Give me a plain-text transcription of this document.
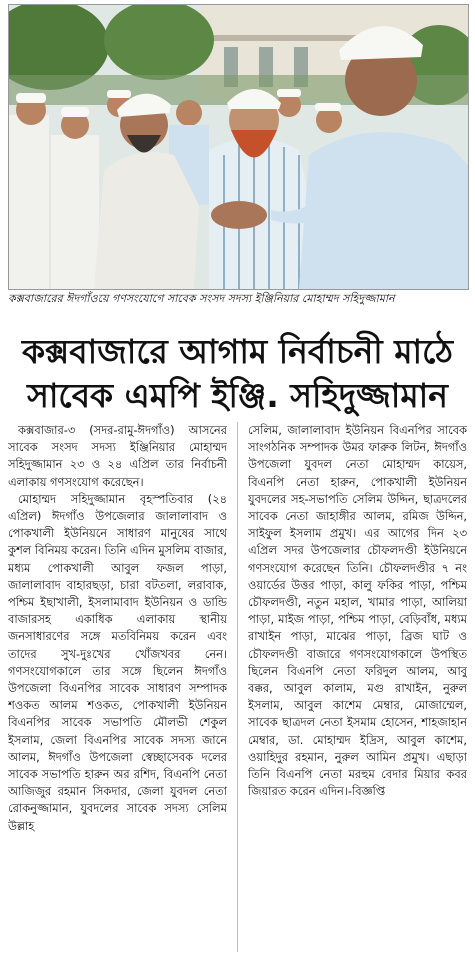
কক্সবাজারের ঈদগাঁওয়ে গণসংযোগে সাবেক সংসদ সদস্য ইঞ্জিনিয়ার মোহাম্মদ সহিদুজ্জামান
কক্সবাজারে আগাম নির্বাচনী মাঠে
সাবেক এমপি ইঞ্জি. সহিদুজ্জামান

কক্সবাজার-৩ (সদর-রামু-ঈদগাঁও) আসনের সাবেক সংসদ সদস্য ইঞ্জিনিয়ার মোহাম্মদ সহিদুজ্জামান ২৩ ও ২৪ এপ্রিল তার নির্বাচনী এলাকায় গণসংযোগ করেছেন।

মোহাম্মদ সহিদুজ্জামান বৃহস্পতিবার (২৪ এপ্রিল) ঈদগাঁও উপজেলার জালালাবাদ ও পোকখালী ইউনিয়নে সাধারণ মানুষের সাথে কুশল বিনিময় করেন। তিনি এদিন মুসলিম বাজার, মধ্যম পোকখালী আবুল ফজল পাড়া, জালালাবাদ বাহারছড়া, চারা বটতলা, লরাবাক, পশ্চিম ইছাখালী, ইসলামাবাদ ইউনিয়ন ও ডান্ডি বাজারসহ একাধিক এলাকায় স্থানীয় জনসাধারণের সঙ্গে মতবিনিময় করেন এবং তাদের সুখ-দুঃখের খোঁজখবর নেন। গণসংযোগকালে তার সঙ্গে ছিলেন ঈদগাঁও উপজেলা বিএনপির সাবেক সাধারণ সম্পাদক শওকত আলম শওকত, পোকখালী ইউনিয়ন বিএনপির সাবেক সভাপতি মৌলভী শেকুল ইসলাম, জেলা বিএনপির সাবেক সদস্য জানে আলম, ঈদগাঁও উপজেলা স্বেচ্ছাসেবক দলের সাবেক সভাপতি হারুন অর রশিদ, বিএনপি নেতা আজিজুর রহমান সিকদার, জেলা যুবদল নেতা রোকনুজ্জামান, যুবদলের সাবেক সদস্য সেলিম উল্লাহ

সেলিম, জালালাবাদ ইউনিয়ন বিএনপির সাবেক সাংগঠনিক সম্পাদক উমর ফারুক লিটন, ঈদগাঁও উপজেলা যুবদল নেতা মোহাম্মদ কায়েস, বিএনপি নেতা হারুন, পোকখালী ইউনিয়ন যুবদলের সহ-সভাপতি সেলিম উদ্দিন, ছাত্রদলের সাবেক নেতা জাহাঙ্গীর আলম, রমিজ উদ্দিন, সাইফুল ইসলাম প্রমুখ। এর আগের দিন ২৩ এপ্রিল সদর উপজেলার চৌফলদণ্ডী ইউনিয়নে গণসংযোগ করেছেন তিনি। চৌফলদণ্ডীর ৭ নং ওয়ার্ডের উত্তর পাড়া, কালু ফকির পাড়া, পশ্চিম চৌফলদণ্ডী, নতুন মহাল, খামার পাড়া, আলিয়া পাড়া, মাইজ পাড়া, পশ্চিম পাড়া, বেড়িবাঁধ, মধ্যম রাখাইন পাড়া, মাঝের পাড়া, ব্রিজ ঘাট ও চৌফলদণ্ডী বাজারে গণসংযোগকালে উপস্থিত ছিলেন বিএনপি নেতা ফরিদুল আলম, আবু বক্কর, আবুল কালাম, মগু রাখাইন, নুরুল ইসলাম, আবুল কাশেম মেম্বার, মোজাম্মেল, সাবেক ছাত্রদল নেতা ইসমাম হোসেন, শাহজাহান মেম্বার, ডা. মোহাম্মদ ইদ্রিস, আবুল কাশেম, ওয়াহিদুর রহমান, নুরুল আমিন প্রমুখ। এছাড়া তিনি বিএনপি নেতা মরহুম বেদার মিয়ার কবর জিয়ারত করেন এদিন।-বিজ্ঞপ্তি
